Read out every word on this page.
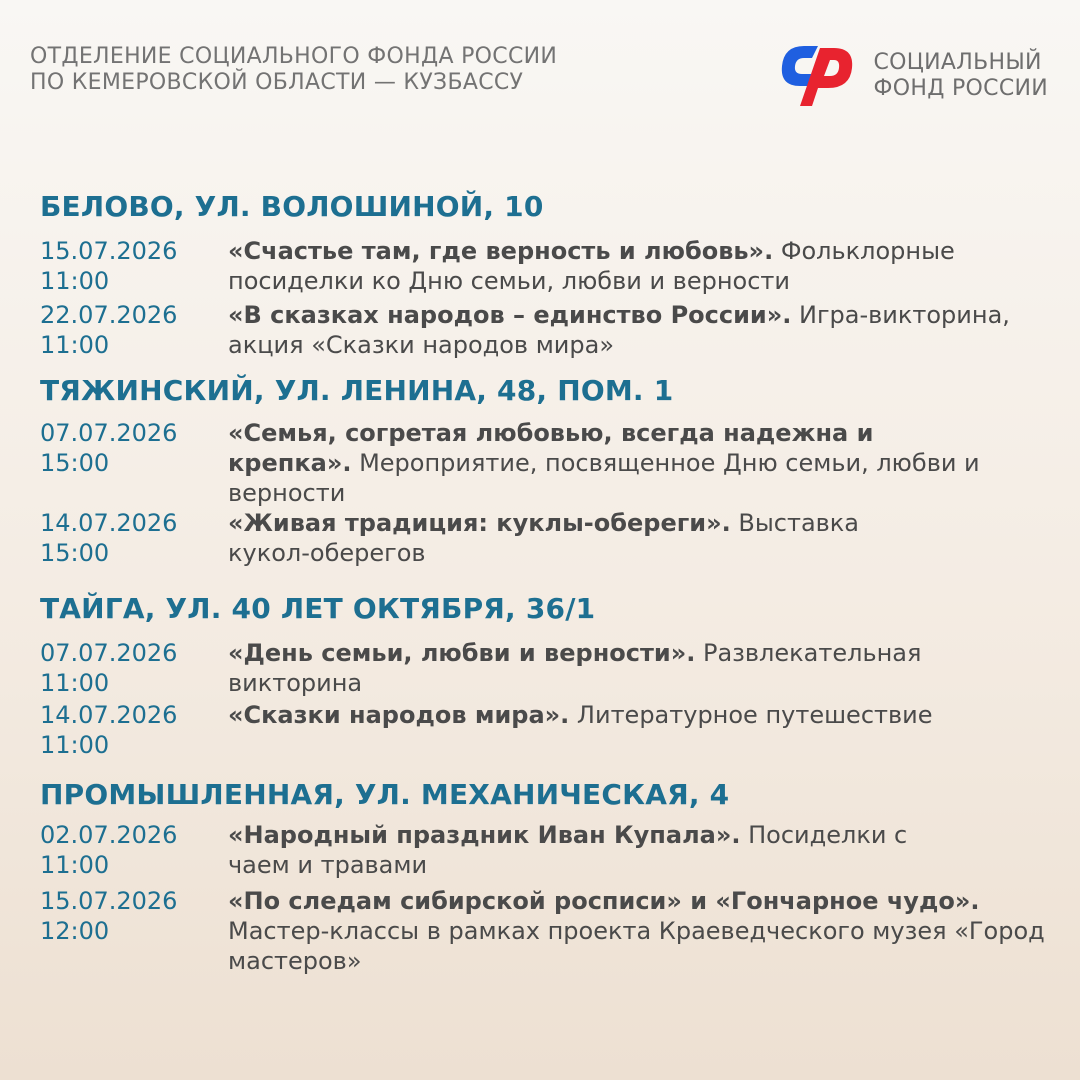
ОТДЕЛЕНИЕ СОЦИАЛЬНОГО ФОНДА РОССИИ
ПО КЕМЕРОВСКОЙ ОБЛАСТИ — КУЗБАССУ
СОЦИАЛЬНЫЙ
ФОНД РОССИИ
БЕЛОВО, УЛ. ВОЛОШИНОЙ, 10
15.07.2026
11:00
«Счастье там, где верность и любовь». Фольклорные посиделки ко Дню семьи, любви и верности
22.07.2026
11:00
«В сказках народов – единство России». Игра-викторина, акция «Сказки народов мира»
ТЯЖИНСКИЙ, УЛ. ЛЕНИНА, 48, ПОМ. 1
07.07.2026
15:00
«Семья, согретая любовью, всегда надежна и крепка». Мероприятие, посвященное Дню семьи, любви и верности
14.07.2026
15:00
«Живая традиция: куклы-обереги». Выставка кукол-оберегов
ТАЙГА, УЛ. 40 ЛЕТ ОКТЯБРЯ, 36/1
07.07.2026
11:00
«День семьи, любви и верности». Развлекательная викторина
14.07.2026
11:00
«Сказки народов мира». Литературное путешествие
ПРОМЫШЛЕННАЯ, УЛ. МЕХАНИЧЕСКАЯ, 4
02.07.2026
11:00
«Народный праздник Иван Купала». Посиделки с чаем и травами
15.07.2026
12:00
«По следам сибирской росписи» и «Гончарное чудо». Мастер-классы в рамках проекта Краеведческого музея «Город мастеров»
